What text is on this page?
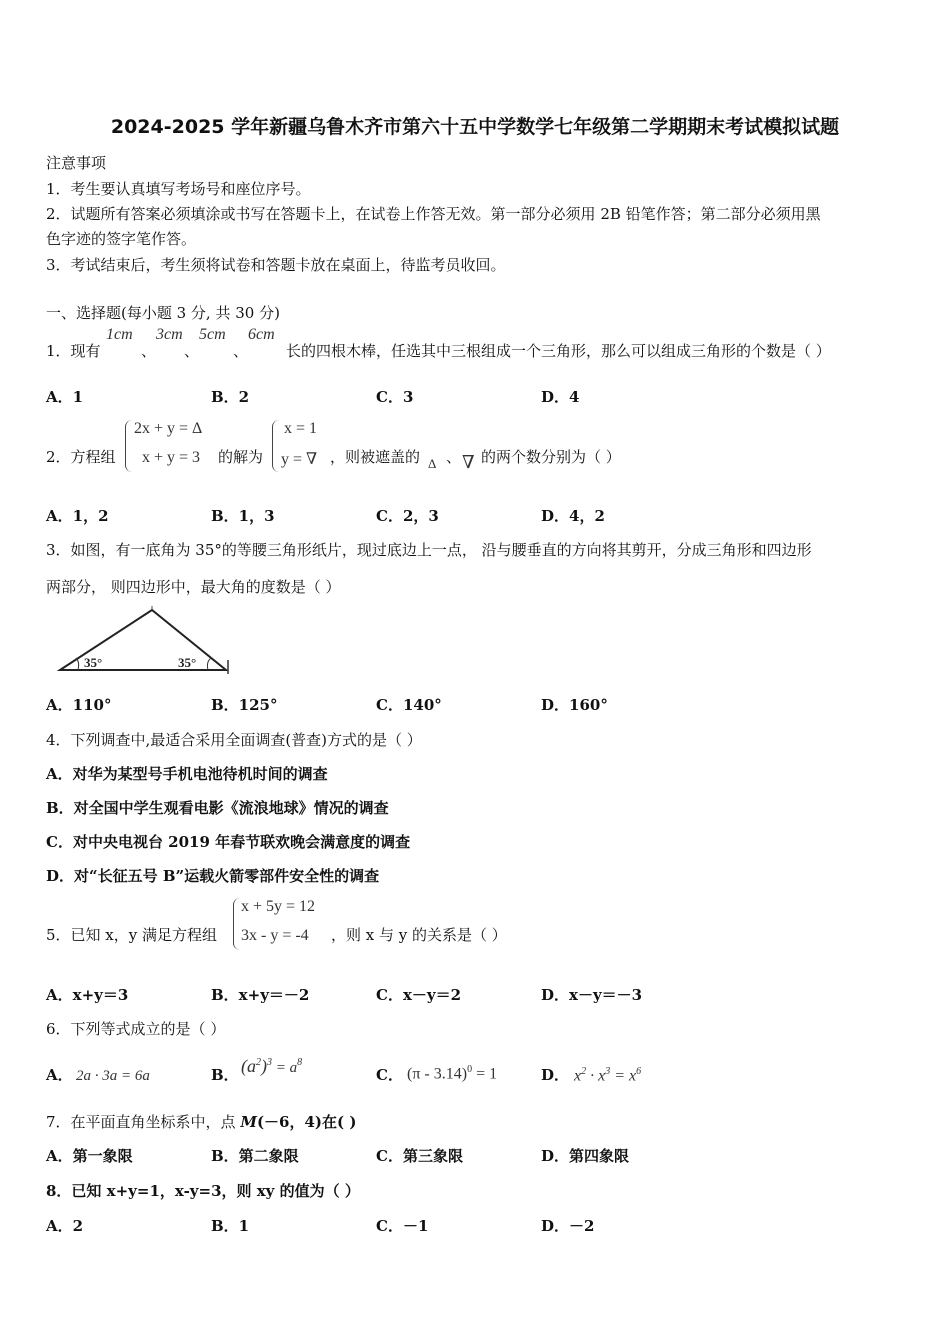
2024-2025 学年新疆乌鲁木齐市第六十五中学数学七年级第二学期期末考试模拟试题
注意事项
1．考生要认真填写考场号和座位序号。
2．试题所有答案必须填涂或书写在答题卡上，在试卷上作答无效。第一部分必须用 2B 铅笔作答；第二部分必须用黑
色字迹的签字笔作答。
3．考试结束后，考生须将试卷和答题卡放在桌面上，待监考员收回。
一、选择题(每小题 3 分, 共 30 分)
1．现有
1cm
、
3cm
、
5cm
、
6cm
长的四根木棒，任选其中三根组成一个三角形，那么可以组成三角形的个数是（ ）
A．1	B．2	C．3	D．4
2．方程组
2x + y = Δ
x + y = 3 的解为
x = 1
y = ∇ ，则被遮盖的 Δ 、 ∇ 的两个数分别为（ ）
A．1，2	B．1，3	C．2，3	D．4，2
3．如图，有一底角为 35°的等腰三角形纸片，现过底边上一点， 沿与腰垂直的方向将其剪开，分成三角形和四边形
两部分， 则四边形中，最大角的度数是（ ）
35°	35°
A．110°	B．125°	C．140°	D．160°
4．下列调查中,最适合采用全面调查(普查)方式的是（ ）
A．对华为某型号手机电池待机时间的调查
B．对全国中学生观看电影《流浪地球》情况的调查
C．对中央电视台 2019 年春节联欢晚会满意度的调查
D．对“长征五号 B”运载火箭零部件安全性的调查
5．已知 x，y 满足方程组
x + 5y = 12
3x - y = -4 ，则 x 与 y 的关系是（ ）
A．x+y＝3	B．x+y＝－2	C．x－y＝2	D．x－y＝－3
6．下列等式成立的是（ ）
A． 2a · 3a = 6a	B． $(a^2)^3 = a^8$
C． (π - 3.14)$^0$ = 1	D． $x^2 \cdot x^3 = x^6$
7．在平面直角坐标系中，点 M(－6，4)在( )
A．第一象限	B．第二象限	C．第三象限	D．第四象限
8．已知 x+y=1，x-y=3，则 xy 的值为（ ）
A．2	B．1	C．－1	D．－2
